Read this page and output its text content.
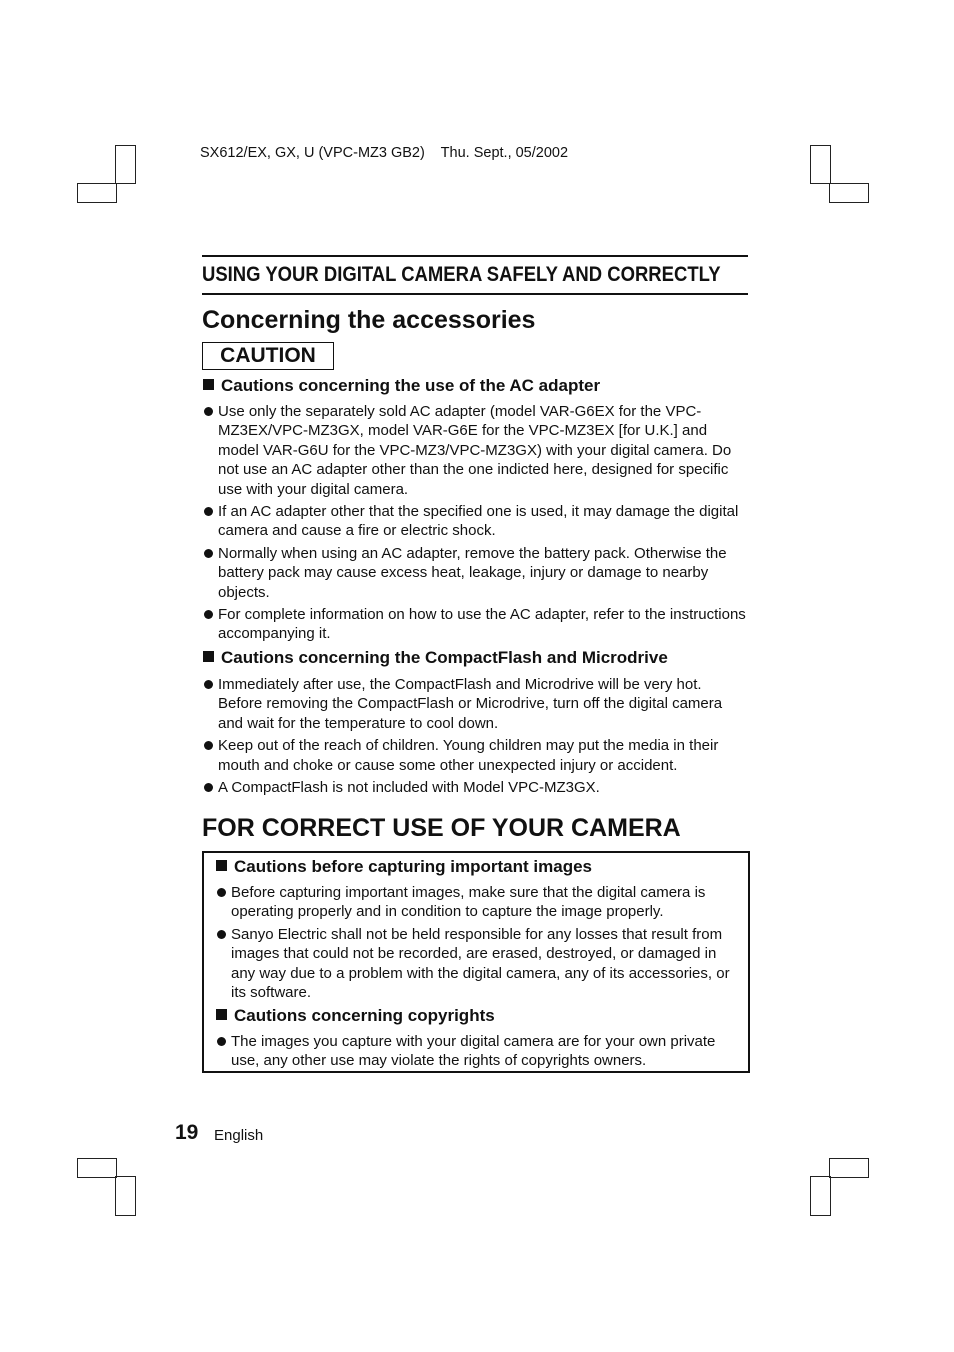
SX612/EX, GX, U (VPC-MZ3 GB2)    Thu. Sept., 05/2002
USING YOUR DIGITAL CAMERA SAFELY AND CORRECTLY
Concerning the accessories
CAUTION
Cautions concerning the use of the AC adapter
Use only the separately sold AC adapter (model VAR-G6EX for the VPC-MZ3EX/VPC-MZ3GX, model VAR-G6E for the VPC-MZ3EX [for U.K.] and model VAR-G6U for the VPC-MZ3/VPC-MZ3GX) with your digital camera. Do not use an AC adapter other than the one indicted here, designed for specific use with your digital camera.
If an AC adapter other that the specified one is used, it may damage the digital camera and cause a fire or electric shock.
Normally when using an AC adapter, remove the battery pack. Otherwise the battery pack may cause excess heat, leakage, injury or damage to nearby objects.
For complete information on how to use the AC adapter, refer to the instructions accompanying it.
Cautions concerning the CompactFlash and Microdrive
Immediately after use, the CompactFlash and Microdrive will be very hot. Before removing the CompactFlash or Microdrive, turn off the digital camera and wait for the temperature to cool down.
Keep out of the reach of children. Young children may put the media in their mouth and choke or cause some other unexpected injury or accident.
A CompactFlash is not included with Model VPC-MZ3GX.
FOR CORRECT USE OF YOUR CAMERA
Cautions before capturing important images
Before capturing important images, make sure that the digital camera is operating properly and in condition to capture the image properly.
Sanyo Electric shall not be held responsible for any losses that result from images that could not be recorded, are erased, destroyed, or damaged in any way due to a problem with the digital camera, any of its accessories, or its software.
Cautions concerning copyrights
The images you capture with your digital camera are for your own private use, any other use may violate the rights of copyrights owners.
19 English
